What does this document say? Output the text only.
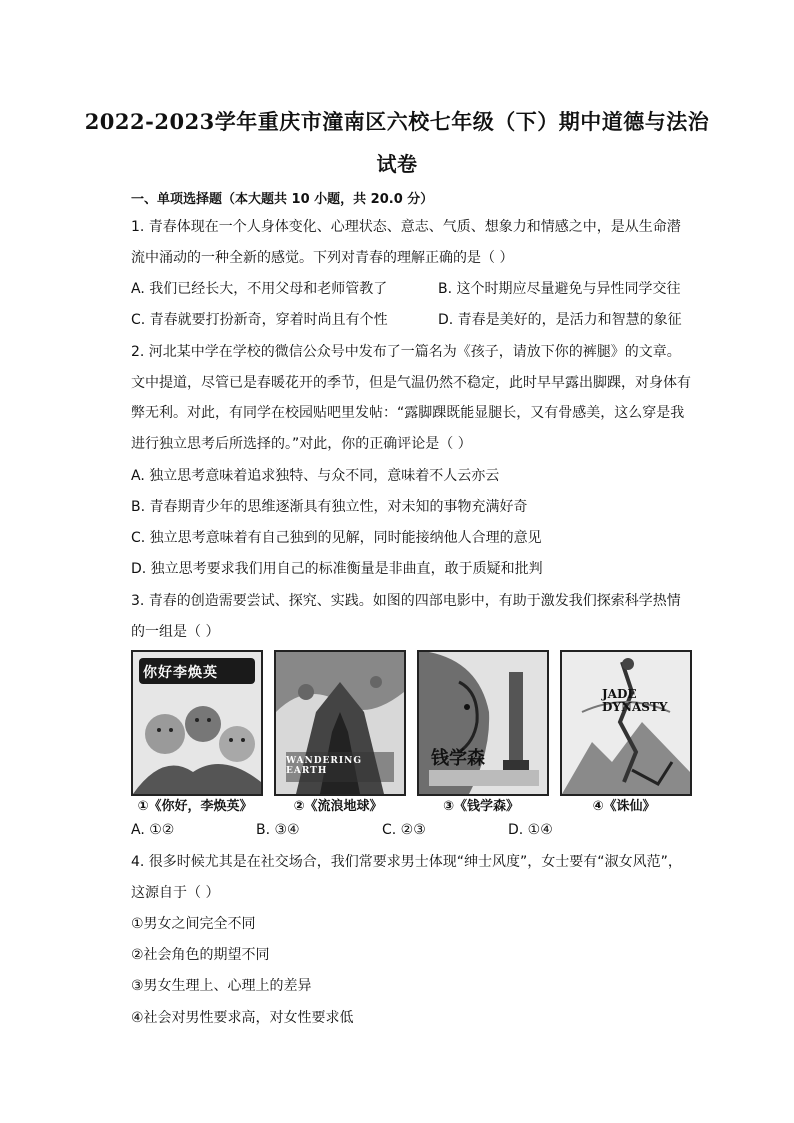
2022-2023学年重庆市潼南区六校七年级（下）期中道德与法治
试卷
一、单项选择题（本大题共 10 小题，共 20.0 分）
1. 青春体现在一个人身体变化、心理状态、意志、气质、想象力和情感之中，是从生命潜
流中涌动的一种全新的感觉。下列对青春的理解正确的是（ ）
A. 我们已经长大，不用父母和老师管教了	B. 这个时期应尽量避免与异性同学交往
C. 青春就要打扮新奇，穿着时尚且有个性	D. 青春是美好的，是活力和智慧的象征
2. 河北某中学在学校的微信公众号中发布了一篇名为《孩子，请放下你的裤腿》的文章。
文中提道，尽管已是春暖花开的季节，但是气温仍然不稳定，此时早早露出脚踝，对身体有
弊无利。对此，有同学在校园贴吧里发帖：“露脚踝既能显腿长，又有骨感美，这么穿是我
进行独立思考后所选择的。”对此，你的正确评论是（ ）
A. 独立思考意味着追求独特、与众不同，意味着不人云亦云
B. 青春期青少年的思维逐渐具有独立性，对未知的事物充满好奇
C. 独立思考意味着有自己独到的见解，同时能接纳他人合理的意见
D. 独立思考要求我们用自己的标准衡量是非曲直，敢于质疑和批判
3. 青春的创造需要尝试、探究、实践。如图的四部电影中，有助于激发我们探索科学热情
的一组是（ ）
你好李焕英
①《你好，李焕英》
WANDERING EARTH
②《流浪地球》
钱学森
③《钱学森》
JADE DYNASTY
④《诛仙》
A. ①②	B. ③④	C. ②③	D. ①④
4. 很多时候尤其是在社交场合，我们常要求男士体现“绅士风度”，女士要有“淑女风范”，
这源自于（ ）
①男女之间完全不同
②社会角色的期望不同
③男女生理上、心理上的差异
④社会对男性要求高，对女性要求低
